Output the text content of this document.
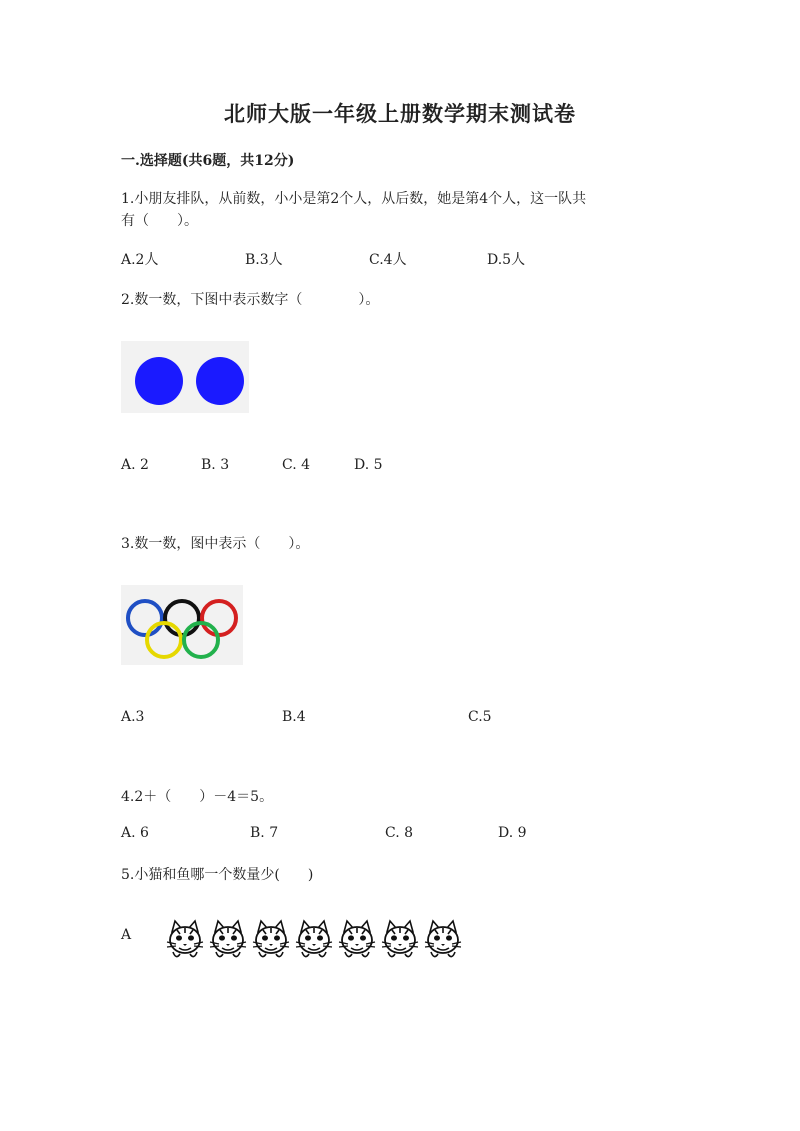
北师大版一年级上册数学期末测试卷
一.选择题(共6题，共12分)
1.小朋友排队，从前数，小小是第2个人，从后数，她是第4个人，这一队共
有（　　）。
A.2人	B.3人	C.4人	D.5人
2.数一数，下图中表示数字（　　　　）。
A. 2	B. 3	C. 4	D. 5
3.数一数，图中表示（　　）。
A.3	B.4	C.5
4.2＋（　　）－4＝5。
A. 6	B. 7	C. 8	D. 9
5.小猫和鱼哪一个数量少(　　)
A
